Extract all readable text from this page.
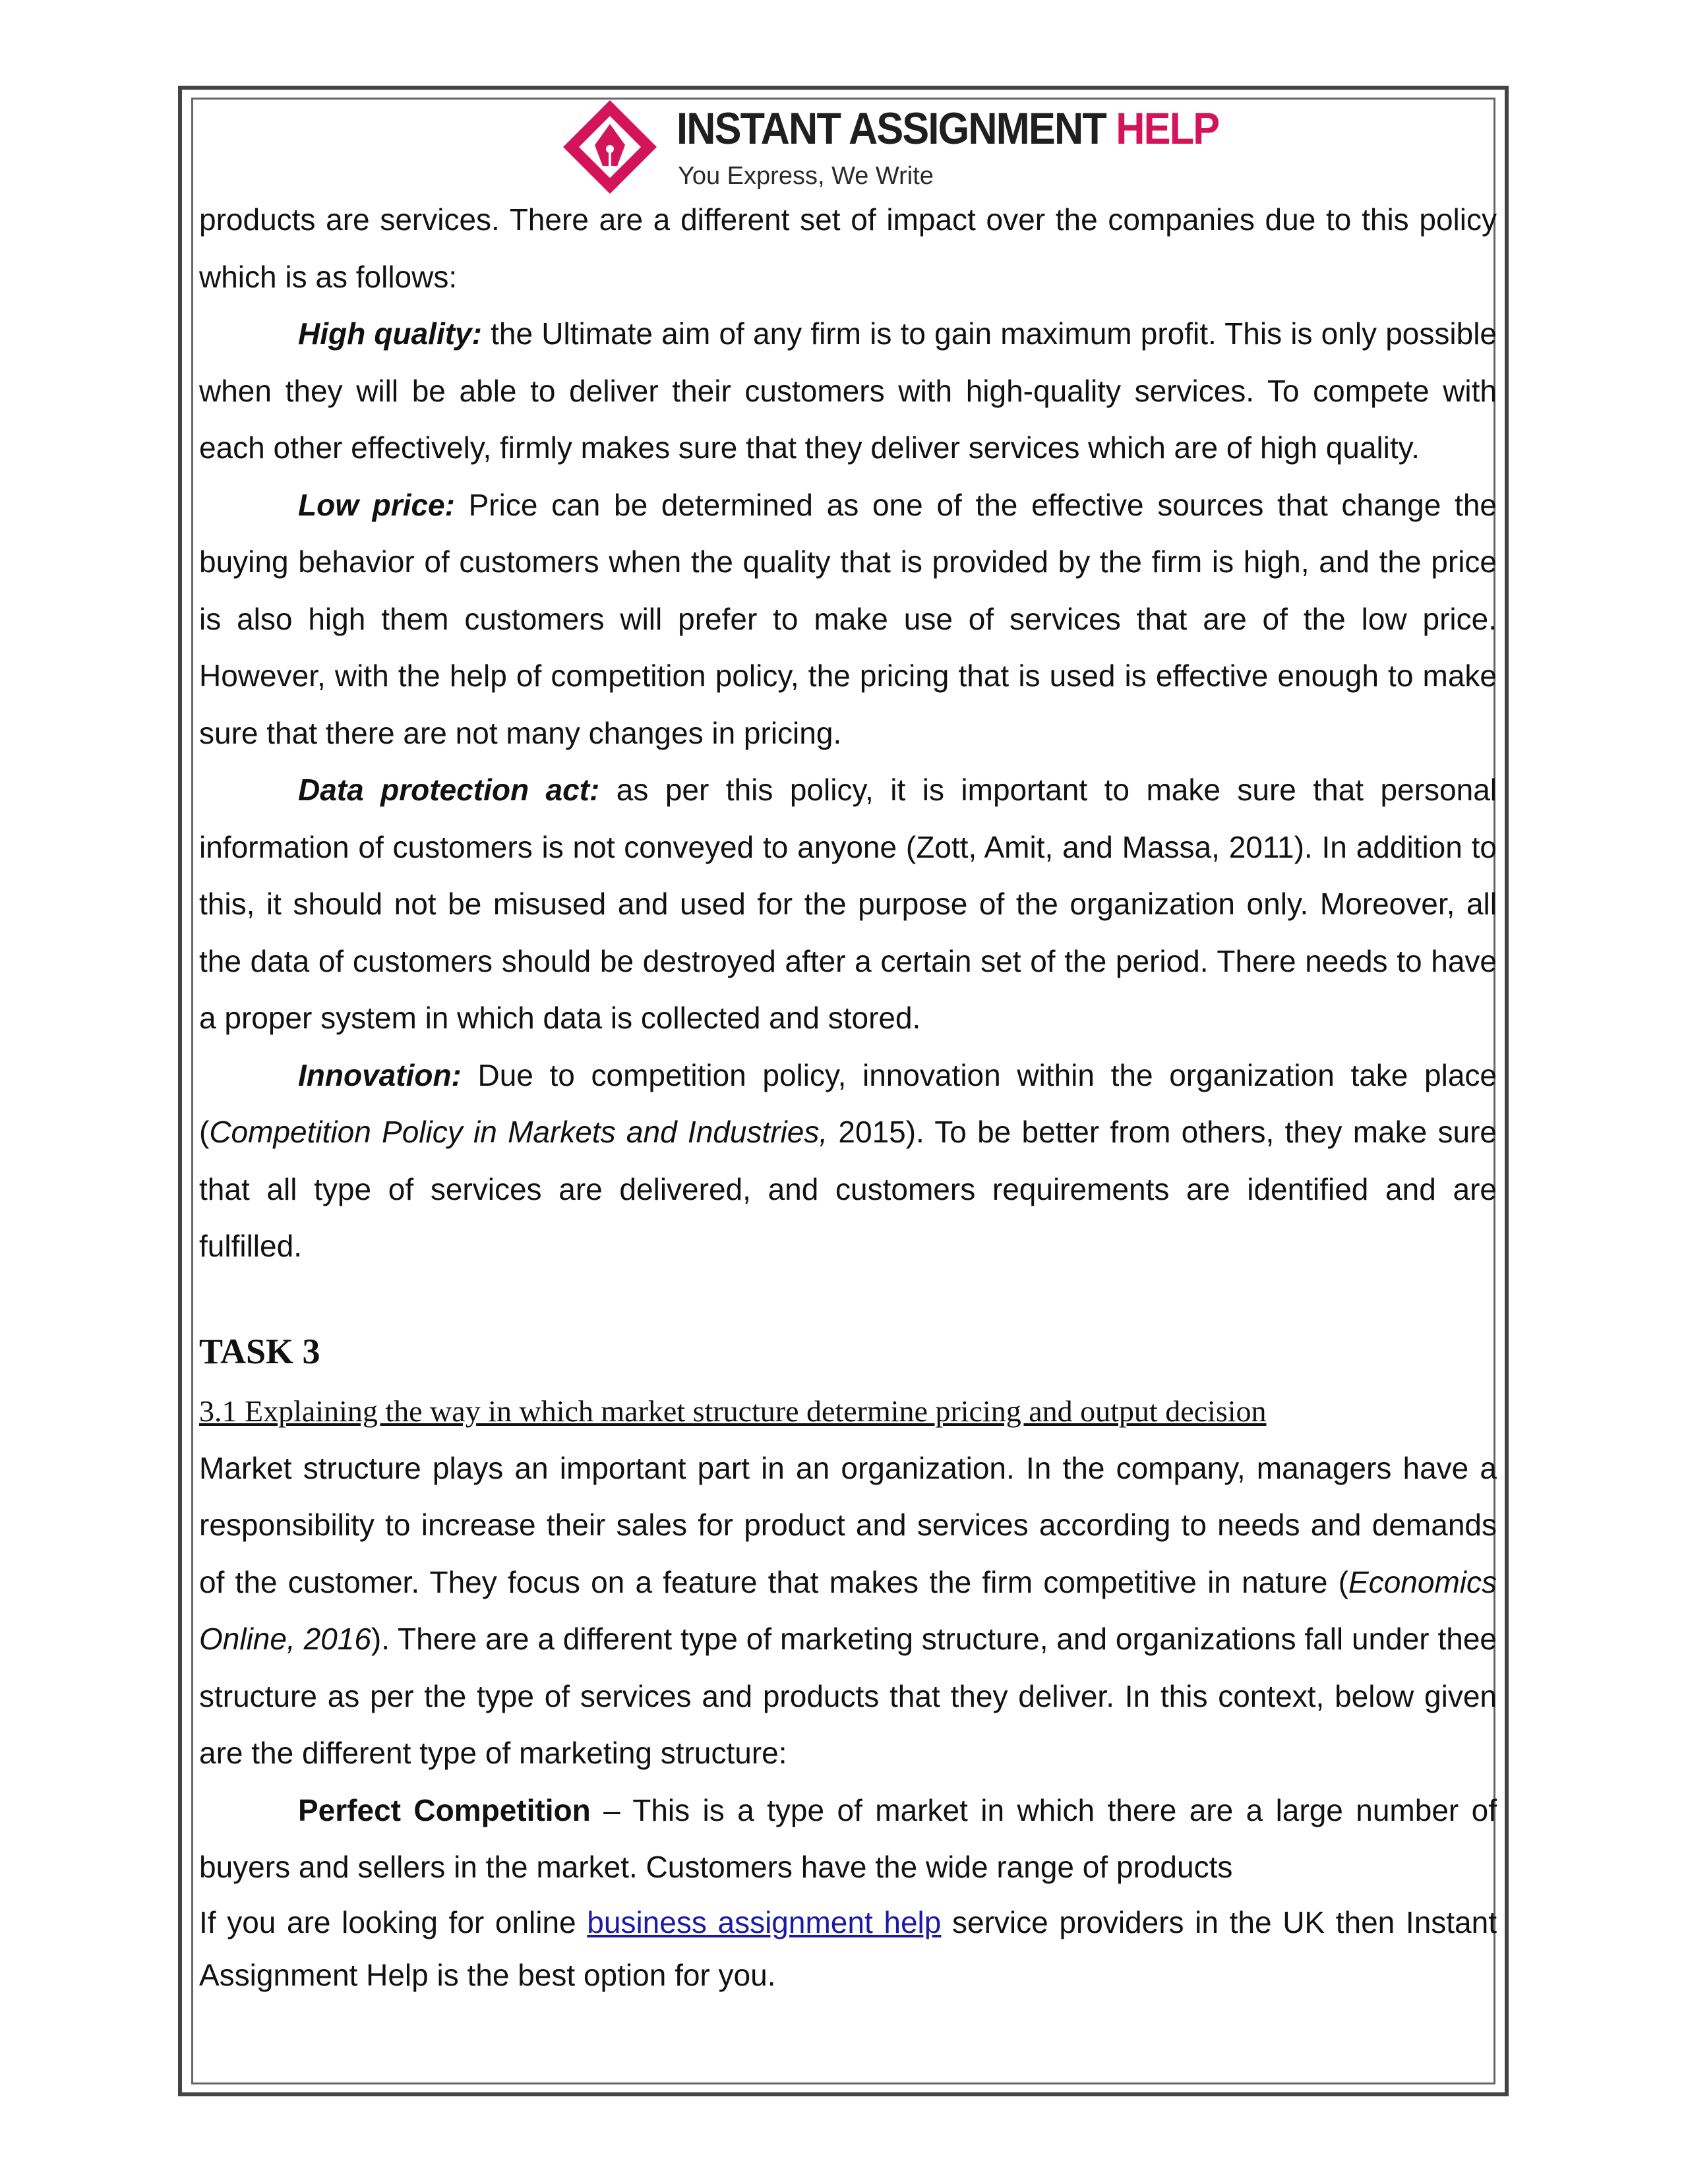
INSTANT ASSIGNMENT HELP
You Express, We Write

products are services. There are a different set of impact over the companies due to this policy which is as follows:

High quality: the Ultimate aim of any firm is to gain maximum profit. This is only possible when they will be able to deliver their customers with high-quality services. To compete with each other effectively, firmly makes sure that they deliver services which are of high quality.

Low price: Price can be determined as one of the effective sources that change the buying behavior of customers when the quality that is provided by the firm is high, and the price is also high them customers will prefer to make use of services that are of the low price. However, with the help of competition policy, the pricing that is used is effective enough to make sure that there are not many changes in pricing.

Data protection act: as per this policy, it is important to make sure that personal information of customers is not conveyed to anyone (Zott, Amit, and Massa, 2011). In addition to this, it should not be misused and used for the purpose of the organization only. Moreover, all the data of customers should be destroyed after a certain set of the period. There needs to have a proper system in which data is collected and stored.

Innovation: Due to competition policy, innovation within the organization take place (Competition Policy in Markets and Industries, 2015). To be better from others, they make sure that all type of services are delivered, and customers requirements are identified and are fulfilled.

TASK 3

3.1 Explaining the way in which market structure determine pricing and output decision

Market structure plays an important part in an organization. In the company, managers have a responsibility to increase their sales for product and services according to needs and demands of the customer. They focus on a feature that makes the firm competitive in nature (Economics Online, 2016). There are a different type of marketing structure, and organizations fall under thee structure as per the type of services and products that they deliver. In this context, below given are the different type of marketing structure:

Perfect Competition – This is a type of market in which there are a large number of buyers and sellers in the market. Customers have the wide range of products

If you are looking for online business assignment help service providers in the UK then Instant Assignment Help is the best option for you.
